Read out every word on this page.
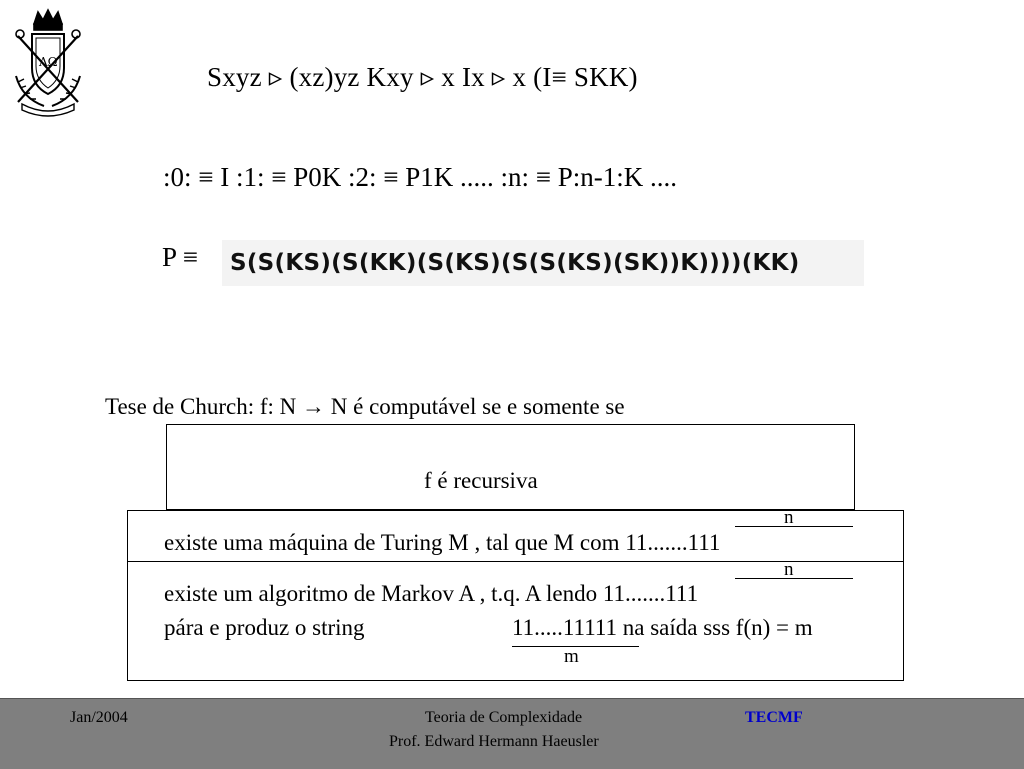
ΛΩ	Sxyz ▹ (xz)yz Kxy ▹ x Ix ▹ x (I≡ SKK)
:0: ≡ I :1: ≡ P0K :2: ≡ P1K ..... :n: ≡ P:n-1:K ....
P ≡	S(S(KS)(S(KK)(S(KS)(S(S(KS)(SK))K))))(KK)
Tese de Church: f: N → N é computável se e somente se
f é recursiva
n
existe uma máquina de Turing M , tal que M com 11.......111
n
existe um algoritmo de Markov A , t.q. A lendo 11.......111
pára e produz o string	11.....11111 na saída sss f(n) = m
m
Jan/2004	Teoria de Complexidade
Prof. Edward Hermann Haeusler
TECMF
